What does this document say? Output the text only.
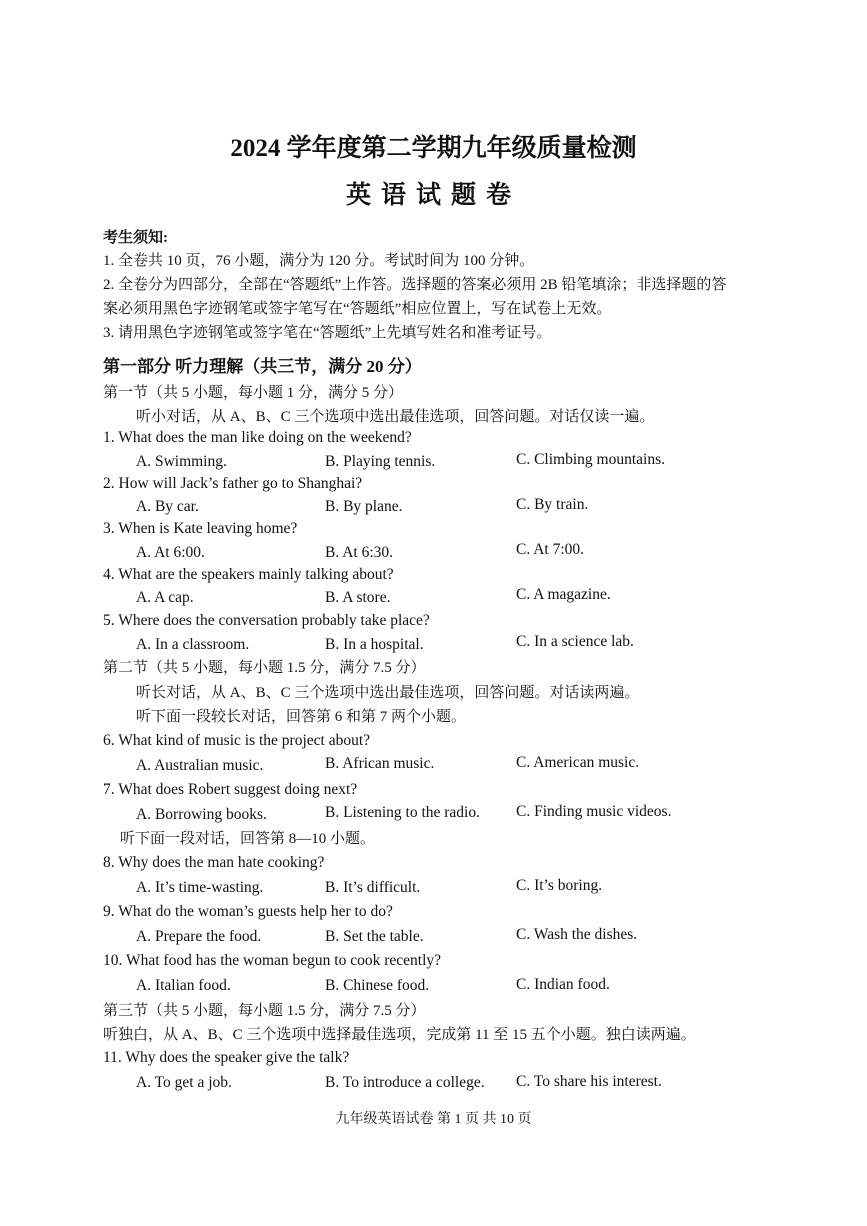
2024 学年度第二学期九年级质量检测
英语试题卷
考生须知:
1. 全卷共 10 页，76 小题，满分为 120 分。考试时间为 100 分钟。
2. 全卷分为四部分，全部在“答题纸”上作答。选择题的答案必须用 2B 铅笔填涂；非选择题的答
案必须用黑色字迹钢笔或签字笔写在“答题纸”相应位置上，写在试卷上无效。
3. 请用黑色字迹钢笔或签字笔在“答题纸”上先填写姓名和准考证号。
第一部分 听力理解（共三节，满分 20 分）
第一节（共 5 小题，每小题 1 分，满分 5 分）
听小对话，从 A、B、C 三个选项中选出最佳选项，回答问题。对话仅读一遍。
1. What does the man like doing on the weekend?
A. Swimming.	B. Playing tennis.	C. Climbing mountains.
2. How will Jack’s father go to Shanghai?
A. By car.	B. By plane.	C. By train.
3. When is Kate leaving home?
A. At 6:00.	B. At 6:30.	C. At 7:00.
4. What are the speakers mainly talking about?
A. A cap.	B. A store.	C. A magazine.
5. Where does the conversation probably take place?
A. In a classroom.	B. In a hospital.	C. In a science lab.
第二节（共 5 小题，每小题 1.5 分，满分 7.5 分）
听长对话，从 A、B、C 三个选项中选出最佳选项，回答问题。对话读两遍。
听下面一段较长对话，回答第 6 和第 7 两个小题。
6. What kind of music is the project about?
A. Australian music.	B. African music.	C. American music.
7. What does Robert suggest doing next?
A. Borrowing books.	B. Listening to the radio. C. Finding music videos.
听下面一段对话，回答第 8—10 小题。
8. Why does the man hate cooking?
A. It’s time-wasting.	B. It’s difficult.	C. It’s boring.
9. What do the woman’s guests help her to do?
A. Prepare the food.	B. Set the table.	C. Wash the dishes.
10. What food has the woman begun to cook recently?
A. Italian food.	B. Chinese food.	C. Indian food.
第三节（共 5 小题，每小题 1.5 分，满分 7.5 分）
听独白，从 A、B、C 三个选项中选择最佳选项，完成第 11 至 15 五个小题。独白读两遍。
11. Why does the speaker give the talk?
A. To get a job.	B. To introduce a college. C. To share his interest.
九年级英语试卷 第 1 页 共 10 页
